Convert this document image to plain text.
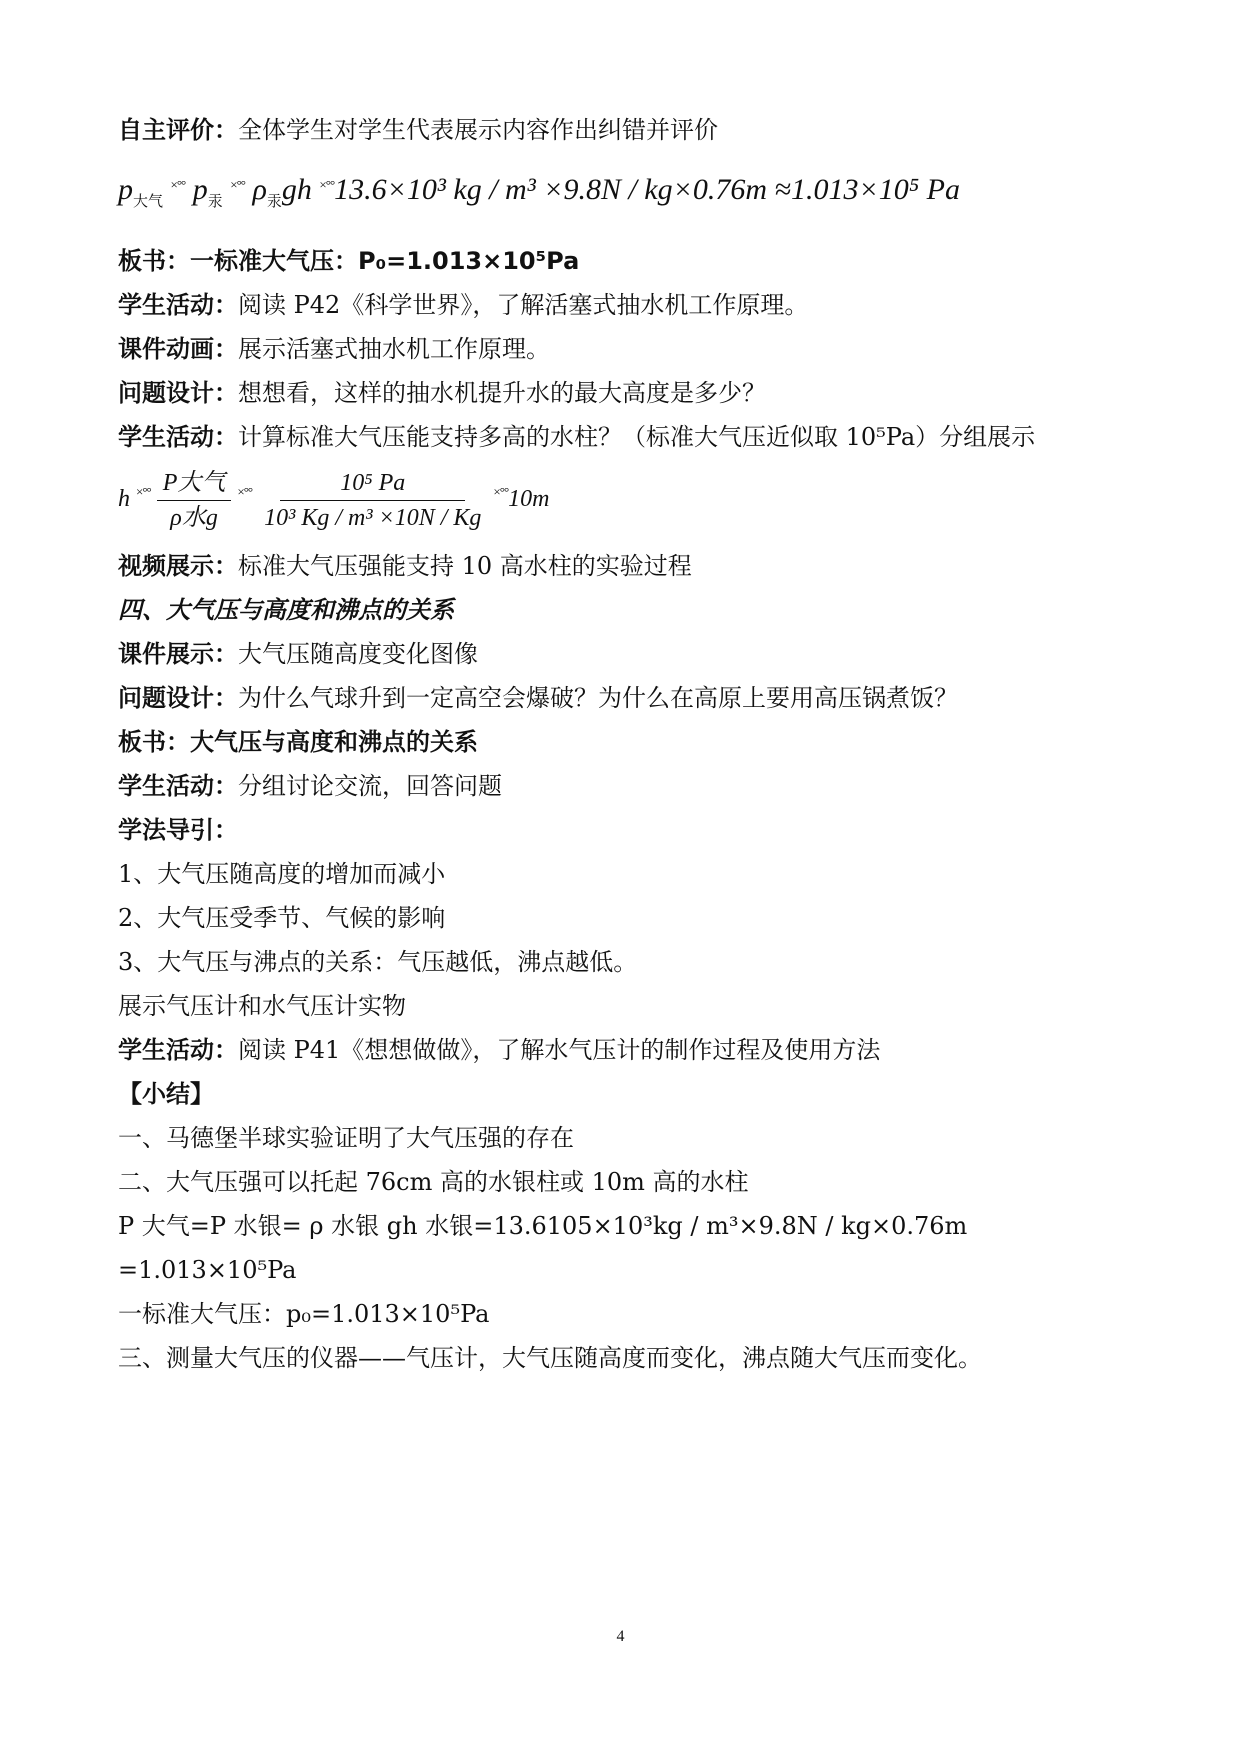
自主评价：全体学生对学生代表展示内容作出纠错并评价
$p_{大气}$ ×°° $p_汞$ ×°° $\rho_汞gh$ ×°°13.6×10³ kg / m³ ×9.8N / kg×0.76m ≈1.013×10⁵ Pa
板书：一标准大气压：P₀=1.013×10⁵Pa
学生活动：阅读 P42《科学世界》，了解活塞式抽水机工作原理。
课件动画：展示活塞式抽水机工作原理。
问题设计：想想看，这样的抽水机提升水的最大高度是多少？
学生活动：计算标准大气压能支持多高的水柱？（标准大气压近似取 10⁵Pa）分组展示
h $^{\times^\circ^\circ} \frac{\text{P大气}}{\text{ρ水g}} ^{\times^\circ^\circ} \frac{\text{10⁵ Pa}}{\text{10³ Kg / m³ ×10N / Kg}} ^{\times^\circ^\circ}10m$
视频展示：标准大气压强能支持 10 高水柱的实验过程
四、大气压与高度和沸点的关系
课件展示：大气压随高度变化图像
问题设计：为什么气球升到一定高空会爆破？为什么在高原上要用高压锅煮饭？
板书：大气压与高度和沸点的关系
学生活动：分组讨论交流，回答问题
学法导引：
1、大气压随高度的增加而减小
2、大气压受季节、气候的影响
3、大气压与沸点的关系：气压越低，沸点越低。
展示气压计和水气压计实物
学生活动：阅读 P41《想想做做》，了解水气压计的制作过程及使用方法
【小结】
一、马德堡半球实验证明了大气压强的存在
二、大气压强可以托起 76cm 高的水银柱或 10m 高的水柱
P 大气=P 水银= ρ 水银 gh 水银=13.6105×10³kg / m³×9.8N / kg×0.76m
=1.013×10⁵Pa
一标准大气压：p₀=1.013×10⁵Pa
三、测量大气压的仪器——气压计，大气压随高度而变化，沸点随大气压而变化。
4
